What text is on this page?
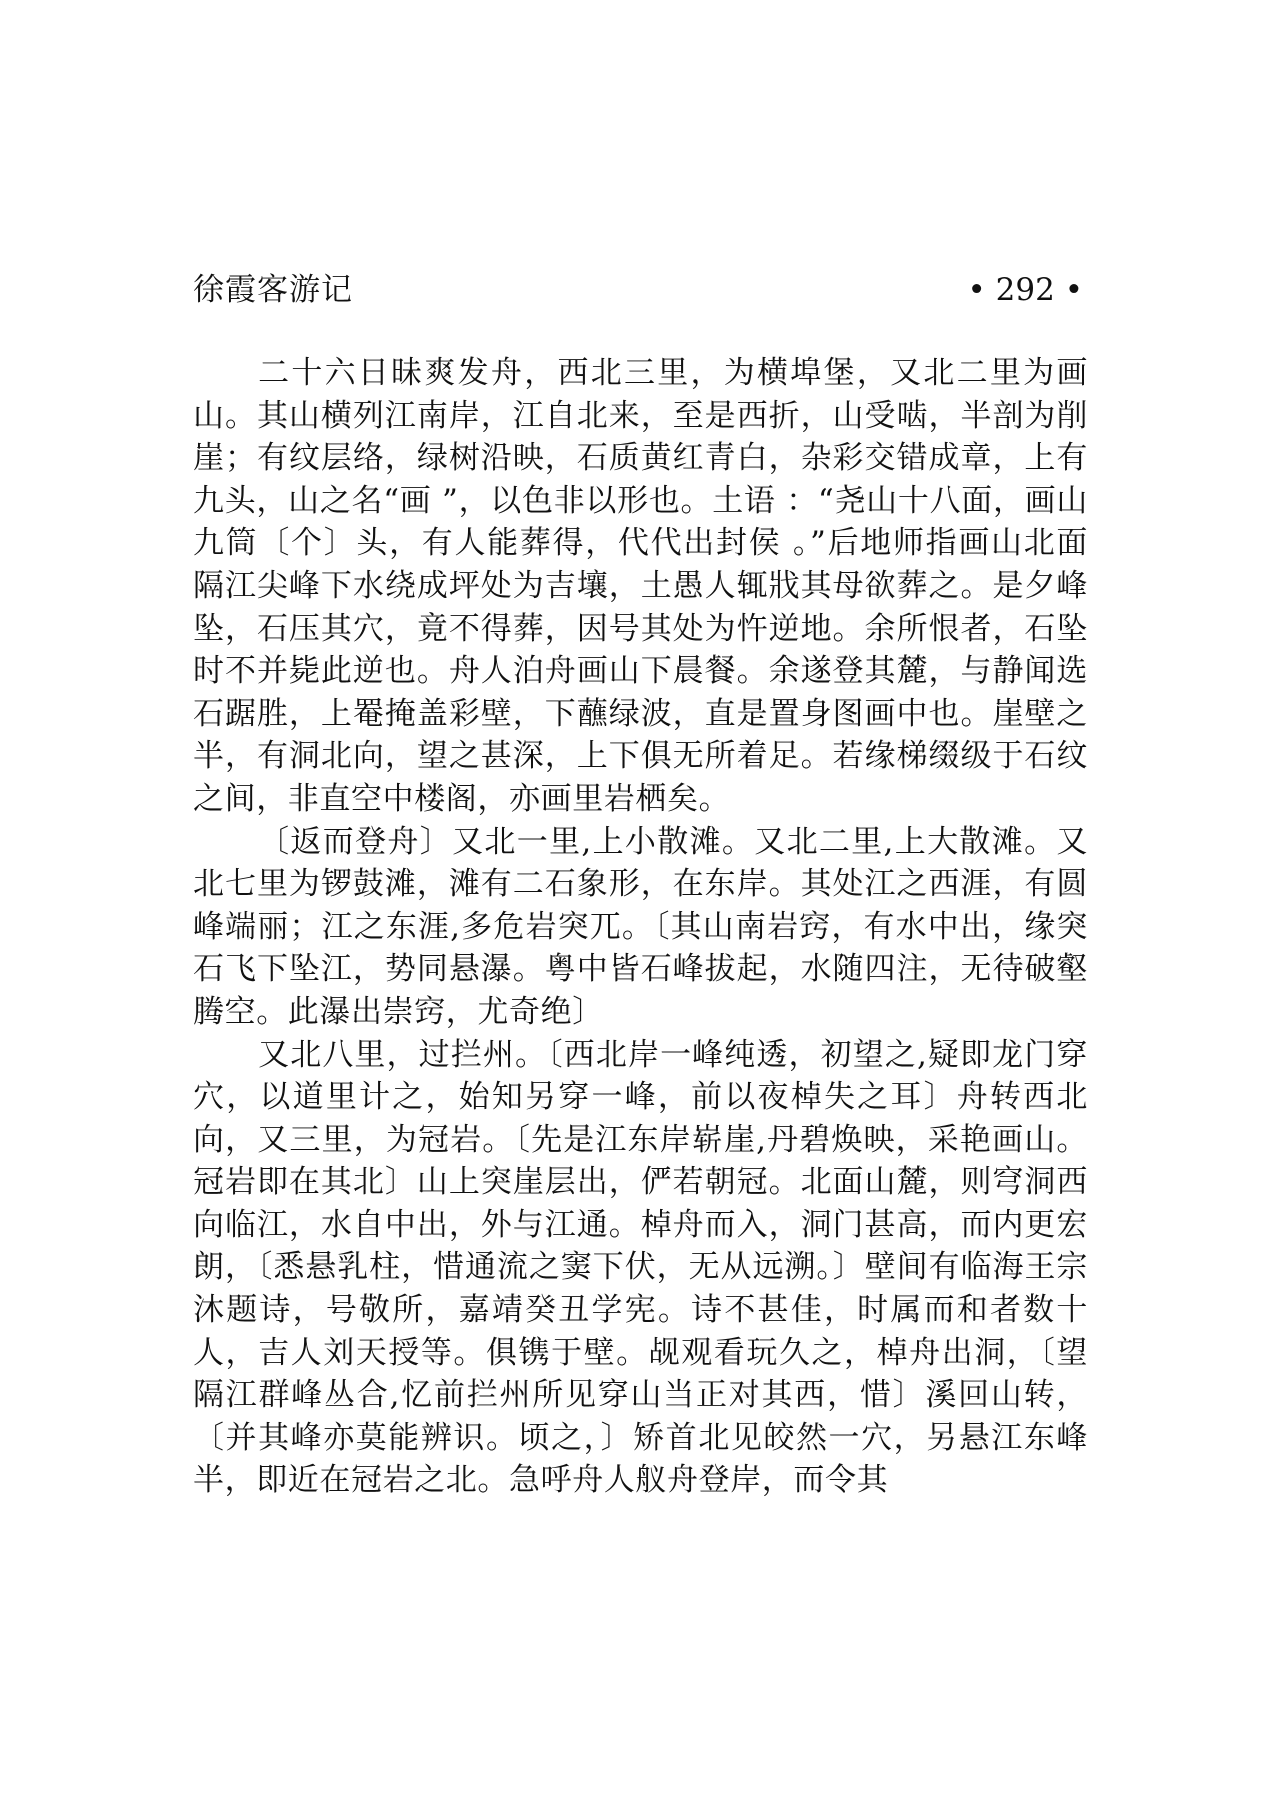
徐霞客游记	• 292 •

二十六日昧爽发舟，西北三里，为横埠堡，又北二里为画山。其山横列江南岸，江自北来，至是西折，山受啮，半剖为削崖；有纹层络，绿树沿映，石质黄红青白，杂彩交错成章，上有九头，山之名“画 ”，以色非以形也。土语 ：“尧山十八面，画山九筒〔个〕头，有人能葬得，代代出封侯 。”后地师指画山北面隔江尖峰下水绕成坪处为吉壤，土愚人辄戕其母欲葬之。是夕峰坠，石压其穴，竟不得葬，因号其处为忤逆地。余所恨者，石坠时不并毙此逆也。舟人泊舟画山下晨餐。余遂登其麓，与静闻选石踞胜，上罨掩盖彩壁，下蘸绿波，直是置身图画中也。崖壁之半，有洞北向，望之甚深，上下俱无所着足。若缘梯缀级于石纹之间，非直空中楼阁，亦画里岩栖矣。

〔返而登舟〕又北一里,上小散滩。又北二里,上大散滩。又北七里为锣鼓滩，滩有二石象形，在东岸。其处江之西涯，有圆峰端丽；江之东涯,多危岩突兀。〔其山南岩窍，有水中出，缘突石飞下坠江，势同悬瀑。粤中皆石峰拔起，水随四注，无待破壑腾空。此瀑出崇窍，尤奇绝〕

又北八里，过拦州。〔西北岸一峰纯透，初望之,疑即龙门穿穴，以道里计之，始知另穿一峰，前以夜棹失之耳〕舟转西北向，又三里，为冠岩。〔先是江东岸崭崖,丹碧焕映，采艳画山。冠岩即在其北〕山上突崖层出，俨若朝冠。北面山麓，则穹洞西向临江，水自中出，外与江通。棹舟而入，洞门甚高，而内更宏朗，〔悉悬乳柱，惜通流之窦下伏，无从远溯。〕壁间有临海王宗沐题诗，号敬所，嘉靖癸丑学宪。诗不甚佳，时属而和者数十人，吉人刘天授等。俱镌于壁。觇观看玩久之，棹舟出洞，〔望隔江群峰丛合,忆前拦州所见穿山当正对其西，惜〕溪回山转，〔并其峰亦莫能辨识。顷之，〕矫首北见皎然一穴，另悬江东峰半，即近在冠岩之北。急呼舟人舣舟登岸，而令其
